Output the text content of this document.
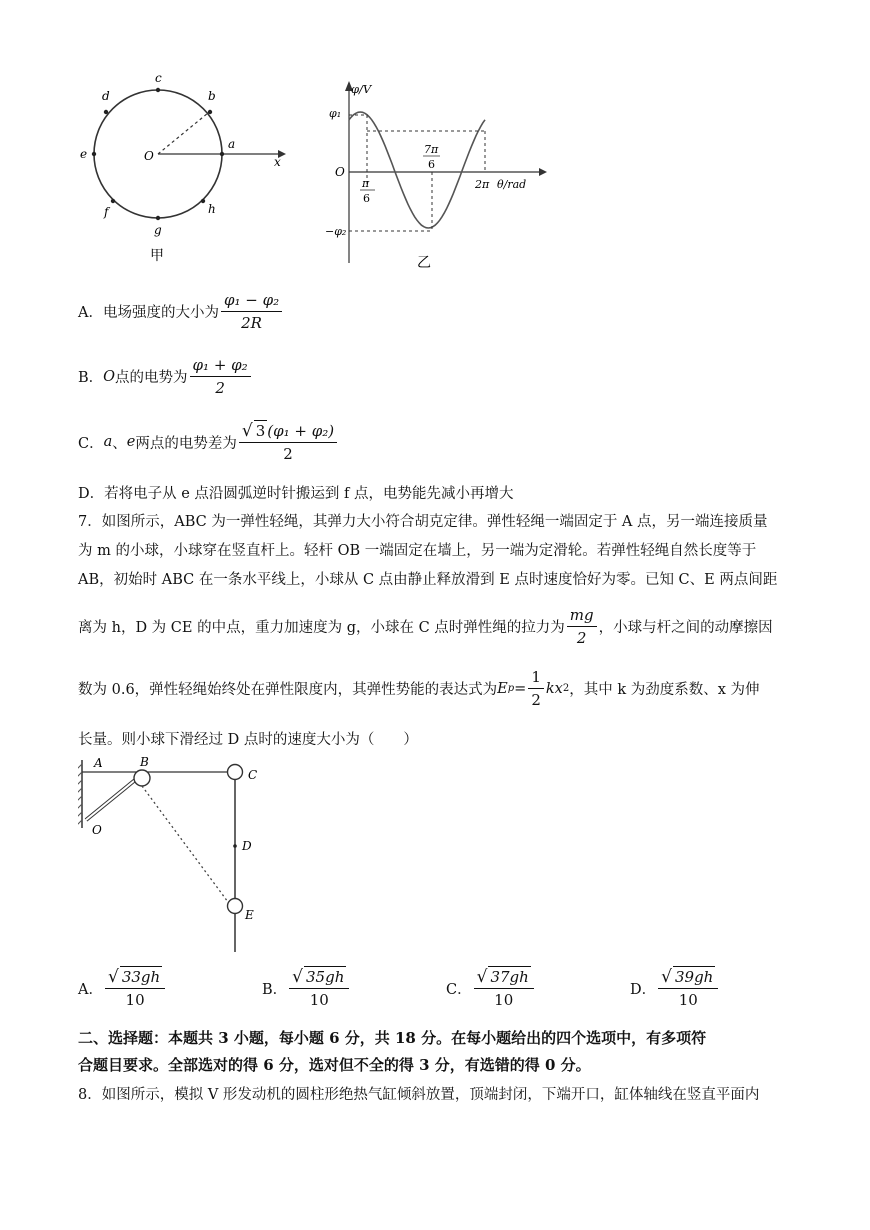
c
b
d
a
e	O	x
f	h
g
甲
φ/V
φ₁
O
−φ₂
π
6
7π
6
2π θ/rad
乙
A．电场强度的大小为 $\frac{\text{φ₁ − φ₂}}{2R}$
B． O 点的电势为 $\frac{\text{φ₁ + φ₂}}{2}$
C． a 、 e 两点的电势差为 $\frac{\text{√ 3 (φ₁ + φ₂)}}{2}$
D．若将电子从 e 点沿圆弧逆时针搬运到 f 点，电势能先减小再增大
7．如图所示，ABC 为一弹性轻绳，其弹力大小符合胡克定律。弹性轻绳一端固定于 A 点，另一端连接质量
为 m 的小球，小球穿在竖直杆上。轻杆 OB 一端固定在墙上，另一端为定滑轮。若弹性轻绳自然长度等于
AB，初始时 ABC 在一条水平线上，小球从 C 点由静止释放滑到 E 点时速度恰好为零。已知 C、E 两点间距
离为 h，D 为 CE 的中点，重力加速度为 g，小球在 C 点时弹性绳的拉力为 $\frac{mg}{2}$ ，小球与杆之间的动摩擦因
数为 0.6，弹性轻绳始终处在弹性限度内，其弹性势能的表达式为 E $p = \frac{1}{2}$ kx 2 ，其中 k 为劲度系数、x 为伸
长量。则小球下滑经过 D 点时的速度大小为（　　）
A	B
C
O
D
E
A． $\frac{√ 33gh}{10}$	B． $\frac{√ 35gh}{10}$	C． $\frac{√ 37gh}{10}$	D． $\frac{√ 39gh}{10}$
二、选择题：本题共 3 小题，每小题 6 分，共 18 分。在每小题给出的四个选项中，有多项符
合题目要求。全部选对的得 6 分，选对但不全的得 3 分，有选错的得 0 分。
8．如图所示，模拟 V 形发动机的圆柱形绝热气缸倾斜放置，顶端封闭，下端开口，缸体轴线在竖直平面内
